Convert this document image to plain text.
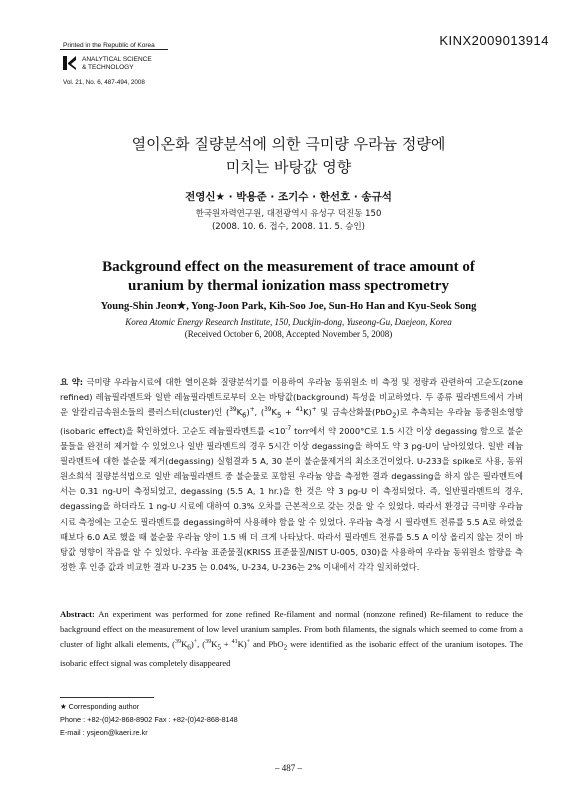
Printed in the Republic of Korea	KINX2009013914
ANALYTICAL SCIENCE
& TECHNOLOGY
Vol. 21, No. 6, 487-494, 2008
열이온화 질량분석에 의한 극미량 우라늄 정량에
미치는 바탕값 영향
전영신★ · 박용준 · 조기수 · 한선호 · 송규석
한국원자력연구원, 대전광역시 유성구 덕진동 150
(2008. 10. 6. 접수, 2008. 11. 5. 승인)
Background effect on the measurement of trace amount of
uranium by thermal ionization mass spectrometry
Young-Shin Jeon★, Yong-Joon Park, Kih-Soo Joe, Sun-Ho Han and Kyu-Seok Song
Korea Atomic Energy Research Institute, 150, Duckjin-dong, Yuseong-Gu, Daejeon, Korea
(Received October 6, 2008, Accepted November 5, 2008)
요 약: 극미량 우라늄시료에 대한 열이온화 질량분석기를 이용하여 우라늄 동위원소 비 측정 및 정량과 관련하여 고순도(zone refined) 레늄필라멘트와 일반 레늄필라멘트로부터 오는 바탕값(background) 특성을 비교하였다. 두 종류 필라멘트에서 가벼운 알칼리금속원소들의 클러스터(cluster)인 $(^{39}K_6)^+$, $(^{39}K_5 + ^{41}K)^+$ 및 금속산화물(PbO$_2$)로 추측되는 우라늄 동중원소영향(isobaric effect)을 확인하였다. 고순도 레늄필라멘트를 $<10^{-7}$ torr에서 약 2000°C로 1.5 시간 이상 degassing 함으로 불순물들을 완전히 제거할 수 있었으나 일반 필라멘트의 경우 5시간 이상 degassing을 하여도 약 3 pg-U이 남아있었다. 일반 레늄필라멘트에 대한 불순물 제거(degassing) 실험결과 5 A, 30 분이 불순물제거의 최소조건이었다. U-233을 spike로 사용, 동위원소희석 질량분석법으로 일반 레늄필라멘트 중 불순물로 포함된 우라늄 양을 측정한 결과 degassing을 하지 않은 필라멘트에서는 0.31 ng-U이 측정되었고, degassing (5.5 A, 1 hr.)을 한 것은 약 3 pg-U 이 측정되었다. 즉, 일반필라멘트의 경우, degassing을 하더라도 1 ng-U 시료에 대하여 0.3% 오차를 근본적으로 갖는 것을 알 수 있었다. 따라서 환경급 극미량 우라늄시료 측정에는 고순도 필라멘트를 degassing하여 사용해야 함을 알 수 있었다. 우라늄 측정 시 필라멘트 전류를 5.5 A로 하였을 때보다 6.0 A로 했을 때 불순물 우라늄 양이 1.5 배 더 크게 나타났다. 따라서 필라멘트 전류를 5.5 A 이상 올리지 않는 것이 바탕값 영향이 작음을 알 수 있었다. 우라늄 표준물질(KRISS 표준물질/NIST U-005, 030)을 사용하여 우라늄 동위원소 함량을 측정한 후 인증 값과 비교한 결과 U-235 는 0.04%, U-234, U-236는 2% 이내에서 각각 일치하였다.
Abstract: An experiment was performed for zone refined Re-filament and normal (nonzone refined) Re-filament to reduce the background effect on the measurement of low level uranium samples. From both filaments, the signals which seemed to come from a cluster of light alkali elements, $(^{39}K_6)^+$, $(^{39}K_5 + ^{41}K)^+$ and PbO$_2$ were identified as the isobaric effect of the uranium isotopes. The isobaric effect signal was completely disappeared
★ Corresponding author
Phone : +82-(0)42-868-8902 Fax : +82-(0)42-868-8148
E-mail : ysjeon@kaeri.re.kr
– 487 –
